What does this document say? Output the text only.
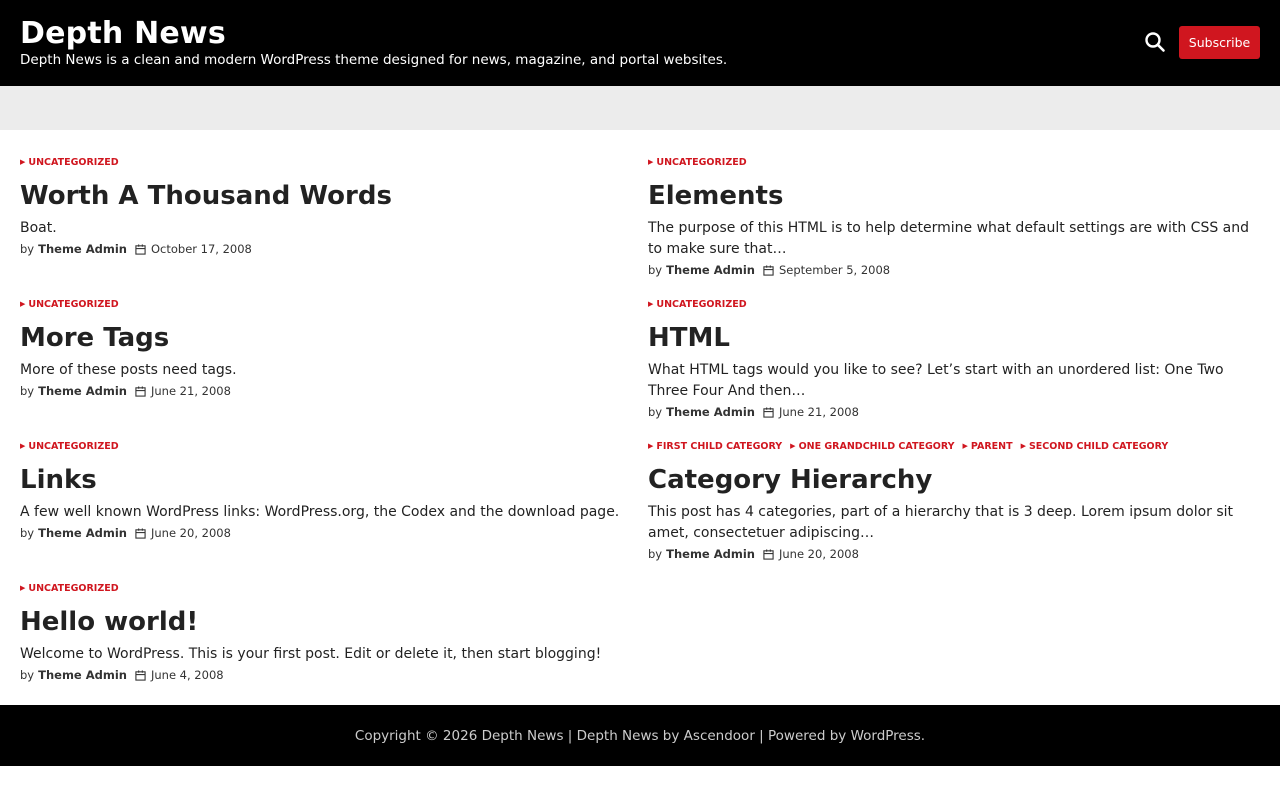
Depth News
Depth News is a clean and modern WordPress theme designed for news, magazine, and portal websites.
Subscribe
▶ UNCATEGORIZED
Worth A Thousand Words
Boat.
by Theme Admin October 17, 2008
▶ UNCATEGORIZED
Elements
The purpose of this HTML is to help determine what default settings are with CSS and to make sure that…
by Theme Admin September 5, 2008
▶ UNCATEGORIZED
More Tags
More of these posts need tags.
by Theme Admin June 21, 2008
▶ UNCATEGORIZED
HTML
What HTML tags would you like to see? Let’s start with an unordered list: One Two Three Four And then…
by Theme Admin June 21, 2008
▶ UNCATEGORIZED
Links
A few well known WordPress links: WordPress.org, the Codex and the download page.
by Theme Admin June 20, 2008
▶ FIRST CHILD CATEGORY ▶ ONE GRANDCHILD CATEGORY ▶ PARENT ▶ SECOND CHILD CATEGORY
Category Hierarchy
This post has 4 categories, part of a hierarchy that is 3 deep. Lorem ipsum dolor sit amet, consectetuer adipiscing…
by Theme Admin June 20, 2008
▶ UNCATEGORIZED
Hello world!
Welcome to WordPress. This is your first post. Edit or delete it, then start blogging!
by Theme Admin June 4, 2008
Copyright © 2026 Depth News | Depth News by Ascendoor | Powered by WordPress.
